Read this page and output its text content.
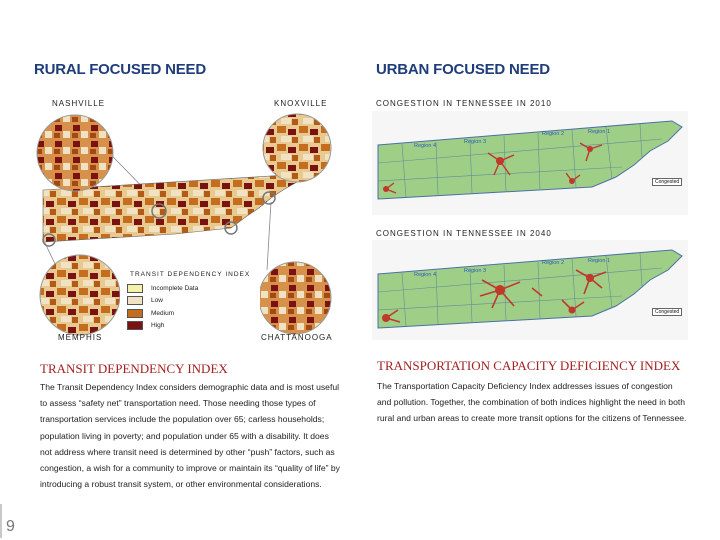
RURAL FOCUSED NEED	URBAN FOCUSED NEED
NASHVILLE	KNOXVILLE	CONGESTION IN TENNESSEE IN 2010
CONGESTION IN TENNESSEE IN 2040
TRANSIT DEPENDENCY INDEX
Incomplete Data
Low
Medium
High
MEMPHIS	CHATTANOOGA
Region 4
Region 3
Region 2	Region 1
Congested
Region 4
Region 3
Region 2	Region 1
Congested
TRANSIT DEPENDENCY INDEX	TRANSPORTATION CAPACITY DEFICIENCY INDEX
The Transit Dependency Index considers demographic data and is most useful to assess “safety net” transportation need. Those needing those types of transportation services include the population over 65; carless households; population living in poverty; and population under 65 with a disability. It does not address where transit need is determined by other “push” factors, such as congestion, a wish for a community to improve or maintain its “quality of life” by introducing a robust transit system, or other environmental considerations.
The Transportation Capacity Deficiency Index addresses issues of congestion and pollution. Together, the combination of both indices highlight the need in both rural and urban areas to create more transit options for the citizens of Tennessee.
9
